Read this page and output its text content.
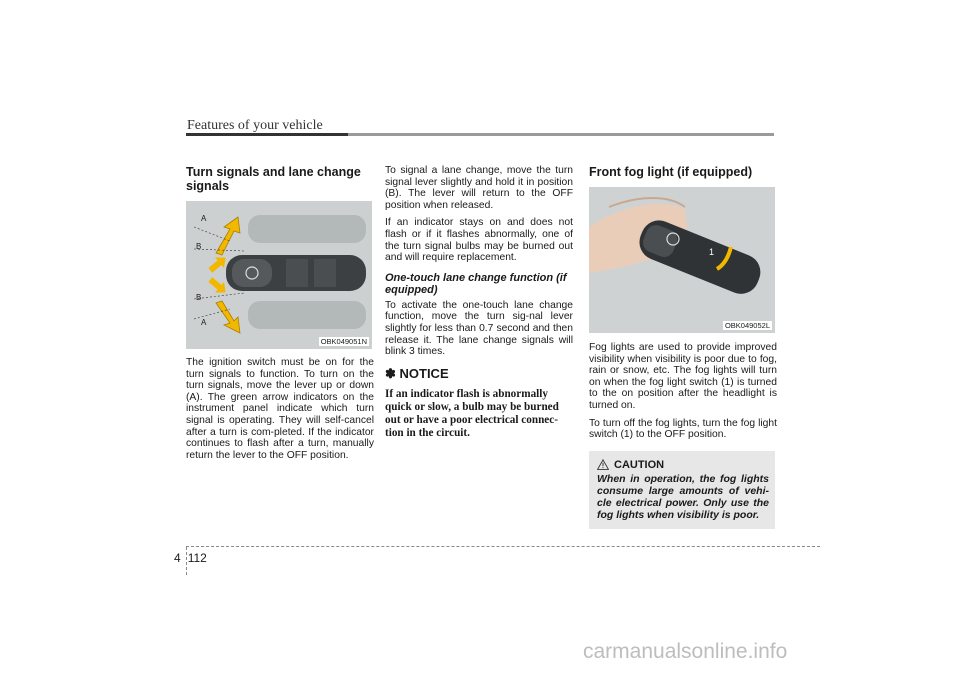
Features of your vehicle
Turn signals and lane change signals
A
B
B
A
OBK049051N

The ignition switch must be on for the turn signals to function. To turn on the turn signals, move the lever up or down (A). The green arrow indicators on the instrument panel indicate which turn signal is operating. They will self-cancel after a turn is com-pleted. If the indicator continues to flash after a turn, manually return the lever to the OFF position.

To signal a lane change, move the turn signal lever slightly and hold it in position (B). The lever will return to the OFF position when released.

If an indicator stays on and does not flash or if it flashes abnormally, one of the turn signal bulbs may be burned out and will require replacement.

One-touch lane change function (if equipped)

To activate the one-touch lane change function, move the turn sig-nal lever slightly for less than 0.7 second and then release it. The lane change signals will blink 3 times.

✽ NOTICE

If an indicator flash is abnormally quick or slow, a bulb may be burned out or have a poor electrical connec-tion in the circuit.

Front fog light (if equipped)
1
OBK049052L

Fog lights are used to provide improved visibility when visibility is poor due to fog, rain or snow, etc. The fog lights will turn on when the fog light switch (1) is turned to the on position after the headlight is turned on.

To turn off the fog lights, turn the fog light switch (1) to the OFF position.

CAUTION

When in operation, the fog lights consume large amounts of vehi-cle electrical power. Only use the fog lights when visibility is poor.

4 112
carmanualsonline.info
